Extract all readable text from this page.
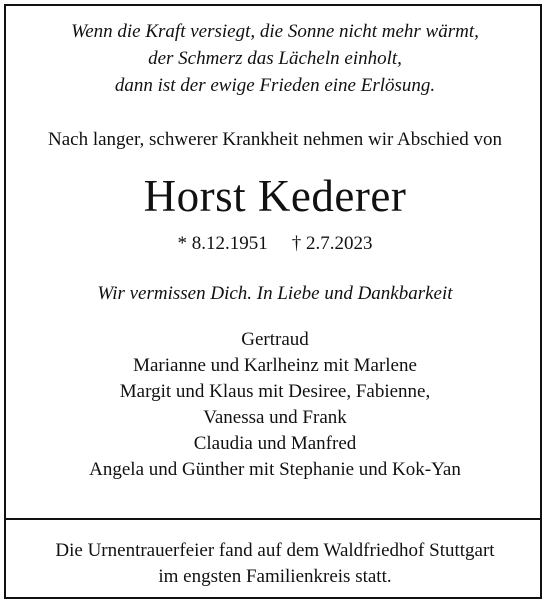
Wenn die Kraft versiegt, die Sonne nicht mehr wärmt,
der Schmerz das Lächeln einholt,
dann ist der ewige Frieden eine Erlösung.
Nach langer, schwerer Krankheit nehmen wir Abschied von
Horst Kederer
* 8.12.1951 † 2.7.2023
Wir vermissen Dich. In Liebe und Dankbarkeit
Gertraud
Marianne und Karlheinz mit Marlene
Margit und Klaus mit Desiree, Fabienne,
Vanessa und Frank
Claudia und Manfred
Angela und Günther mit Stephanie und Kok-Yan
Die Urnentrauerfeier fand auf dem Waldfriedhof Stuttgart
im engsten Familienkreis statt.
